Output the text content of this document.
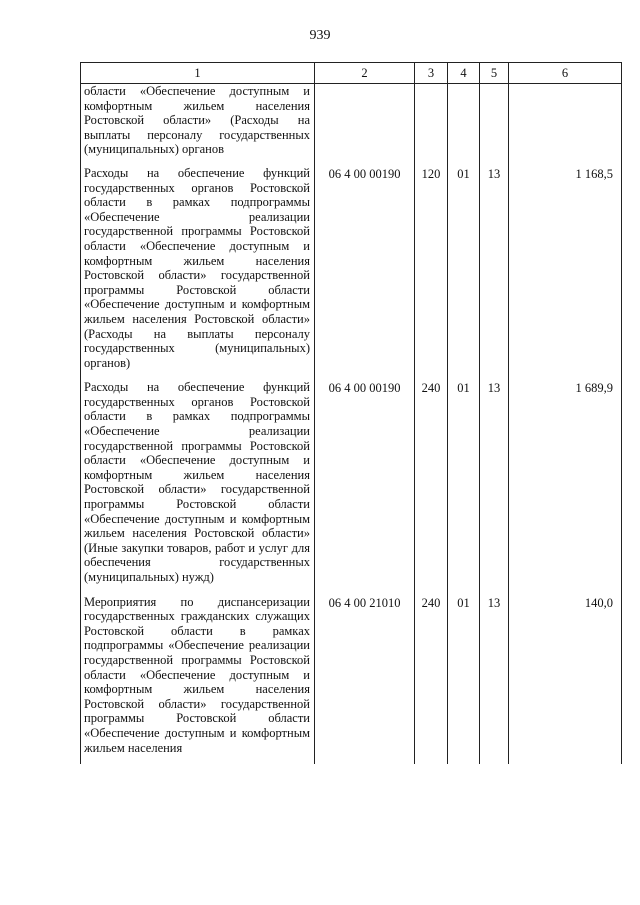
939
1	2	3	4	5	6
области «Обеспечение доступным и комфортным жильем населения Ростовской области» (Расходы на выплаты персоналу государственных (муниципальных) органов					
Расходы на обеспечение функций государственных органов Ростовской области в рамках подпрограммы «Обеспечение реализации государственной программы Ростовской области «Обеспечение доступным и комфортным жильем населения Ростовской области» государственной программы Ростовской области «Обеспечение доступным и комфортным жильем населения Ростовской области» (Расходы на выплаты персоналу государственных (муниципальных) органов)	06 4 00 00190	120	01	13	1 168,5
Расходы на обеспечение функций государственных органов Ростовской области в рамках подпрограммы «Обеспечение реализации государственной программы Ростовской области «Обеспечение доступным и комфортным жильем населения Ростовской области» государственной программы Ростовской области «Обеспечение доступным и комфортным жильем населения Ростовской области» (Иные закупки товаров, работ и услуг для обеспечения государственных (муниципальных) нужд)	06 4 00 00190	240	01	13	1 689,9
Мероприятия по диспансеризации государственных гражданских служащих Ростовской области в рамках подпрограммы «Обеспечение реализации государственной программы Ростовской области «Обеспечение доступным и комфортным жильем населения Ростовской области» государственной программы Ростовской области «Обеспечение доступным и комфортным жильем населения	06 4 00 21010	240	01	13	140,0
